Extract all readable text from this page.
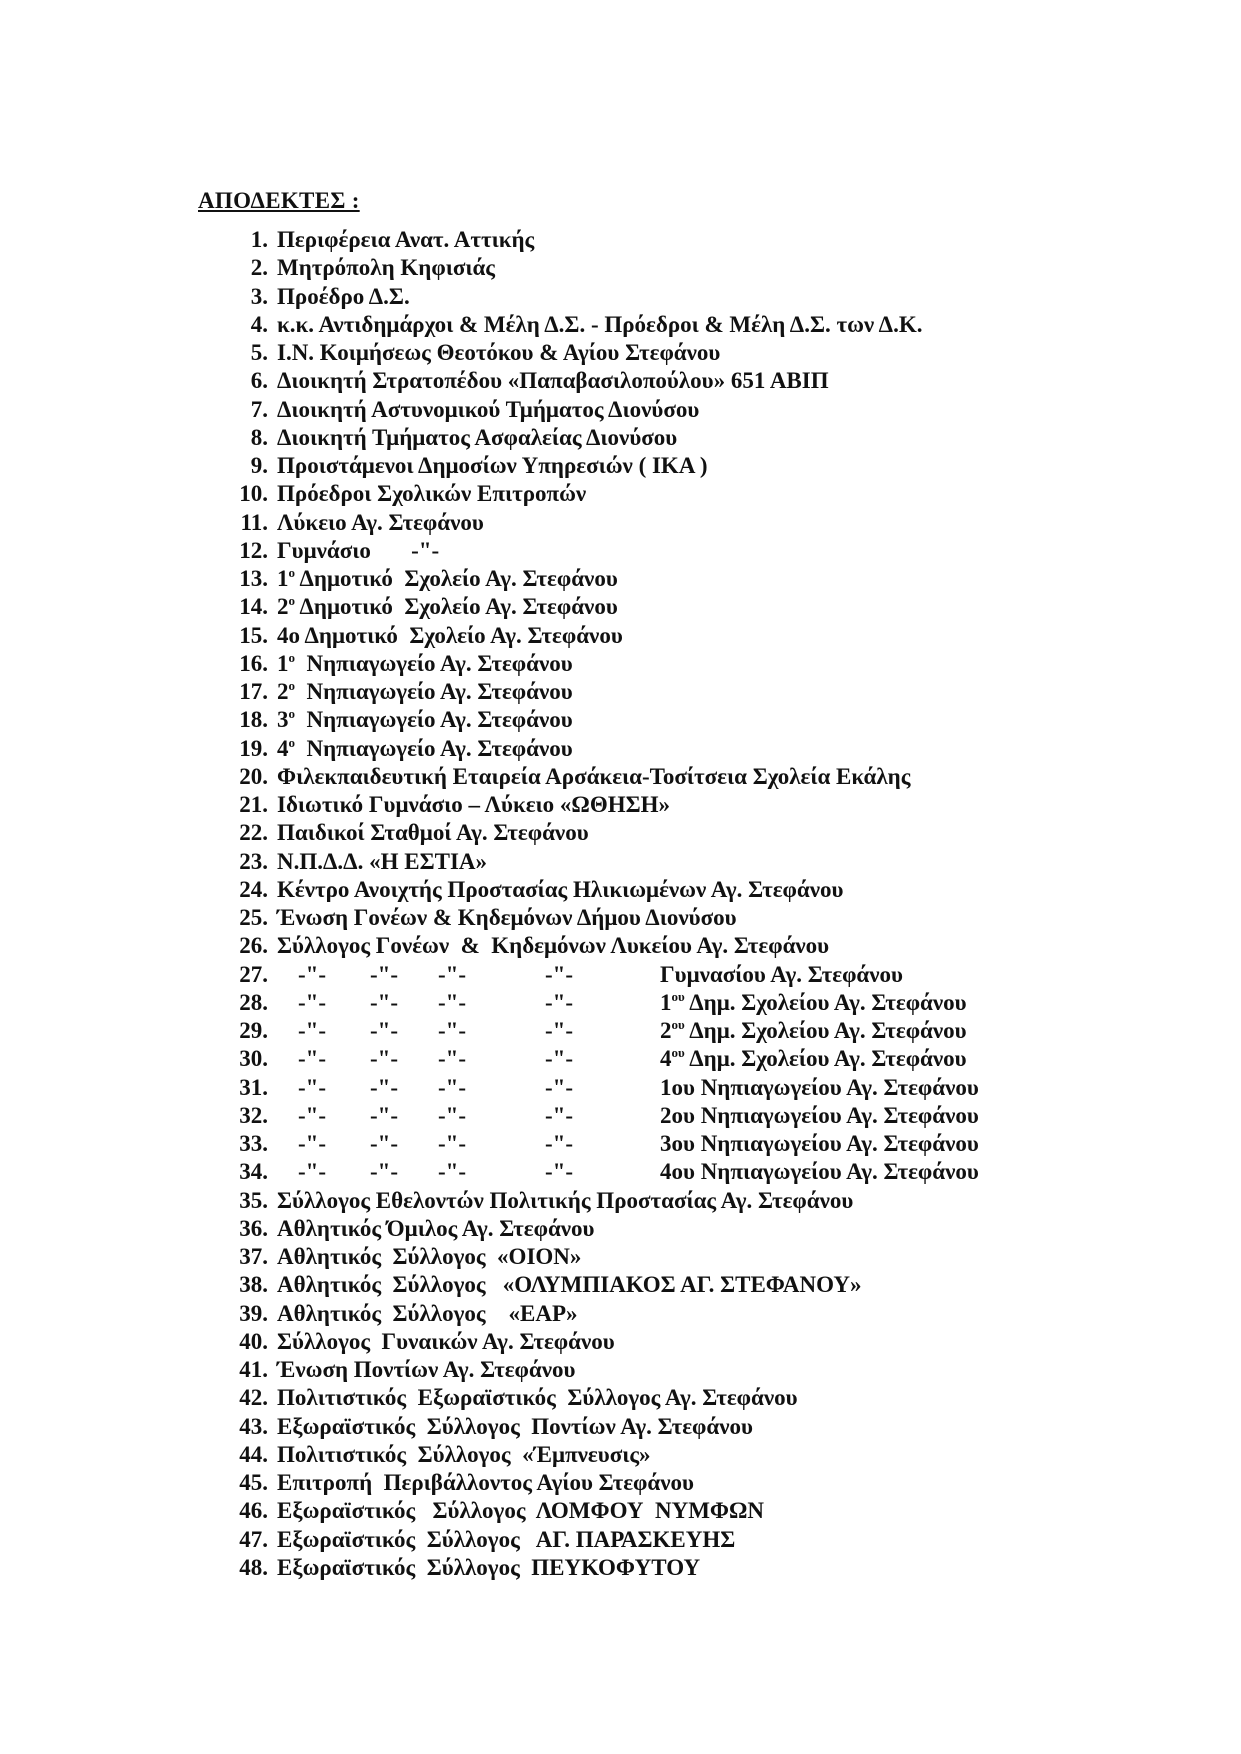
ΑΠΟΔΕΚΤΕΣ :
1. Περιφέρεια Ανατ. Αττικής
2. Μητρόπολη Κηφισιάς
3. Προέδρο Δ.Σ.
4. κ.κ. Αντιδημάρχοι & Μέλη Δ.Σ. - Πρόεδροι & Μέλη Δ.Σ. των Δ.Κ.
5. Ι.Ν. Κοιμήσεως Θεοτόκου & Αγίου Στεφάνου
6. Διοικητή Στρατοπέδου «Παπαβασιλοπούλου» 651 ΑΒΙΠ
7. Διοικητή Αστυνομικού Τμήματος Διονύσου
8. Διοικητή Τμήματος Ασφαλείας Διονύσου
9. Προιστάμενοι Δημοσίων Υπηρεσιών ( ΙΚΑ )
10. Πρόεδροι Σχολικών Επιτροπών
11. Λύκειο Αγ. Στεφάνου
12. Γυμνάσιο       -"-
13. $1^o$ Δημοτικό  Σχολείο Αγ. Στεφάνου
14. $2^o$ Δημοτικό  Σχολείο Αγ. Στεφάνου
15. 4ο Δημοτικό  Σχολείο Αγ. Στεφάνου
16. $1^o$  Νηπιαγωγείο Αγ. Στεφάνου
17. $2^o$  Νηπιαγωγείο Αγ. Στεφάνου
18. $3^o$  Νηπιαγωγείο Αγ. Στεφάνου
19. $4^o$  Νηπιαγωγείο Αγ. Στεφάνου
20. Φιλεκπαιδευτική Εταιρεία Αρσάκεια-Τοσίτσεια Σχολεία Εκάλης
21. Ιδιωτικό Γυμνάσιο – Λύκειο «ΩΘΗΣΗ»
22. Παιδικοί Σταθμοί Αγ. Στεφάνου
23. Ν.Π.Δ.Δ. «Η ΕΣΤΙΑ»
24. Κέντρο Ανοιχτής Προστασίας Ηλικιωμένων Αγ. Στεφάνου
25. Ένωση Γονέων & Κηδεμόνων Δήμου Διονύσου
26. Σύλλογος Γονέων  &  Κηδεμόνων Λυκείου Αγ. Στεφάνου
27. -"- -"- -"-	-"-	Γυμνασίου Αγ. Στεφάνου
28. -"- -"- -"-	-"-	$1^{o\upsilon}$ Δημ. Σχολείου Αγ. Στεφάνου
29. -"- -"- -"-	-"-	$2^{o\upsilon}$ Δημ. Σχολείου Αγ. Στεφάνου
30. -"- -"- -"-	-"-	$4^{o\upsilon}$ Δημ. Σχολείου Αγ. Στεφάνου
31. -"- -"- -"-	-"-	1ου Νηπιαγωγείου Αγ. Στεφάνου
32. -"- -"- -"-	-"-	2ου Νηπιαγωγείου Αγ. Στεφάνου
33. -"- -"- -"-	-"-	3ου Νηπιαγωγείου Αγ. Στεφάνου
34. -"- -"- -"-	-"-	4ου Νηπιαγωγείου Αγ. Στεφάνου
35. Σύλλογος Εθελοντών Πολιτικής Προστασίας Αγ. Στεφάνου
36. Αθλητικός Όμιλος Αγ. Στεφάνου
37. Αθλητικός  Σύλλογος  «ΟΙΟΝ»
38. Αθλητικός  Σύλλογος   «ΟΛΥΜΠΙΑΚΟΣ ΑΓ. ΣΤΕΦΑΝΟΥ»
39. Αθλητικός  Σύλλογος    «ΕΑΡ»
40. Σύλλογος  Γυναικών Αγ. Στεφάνου
41. Ένωση Ποντίων Αγ. Στεφάνου
42. Πολιτιστικός  Εξωραϊστικός  Σύλλογος Αγ. Στεφάνου
43. Εξωραϊστικός  Σύλλογος  Ποντίων Αγ. Στεφάνου
44. Πολιτιστικός  Σύλλογος  «Έμπνευσις»
45. Επιτροπή  Περιβάλλοντος Αγίου Στεφάνου
46. Εξωραϊστικός   Σύλλογος  ΛΟΜΦΟΥ  ΝΥΜΦΩΝ
47. Εξωραϊστικός  Σύλλογος   ΑΓ. ΠΑΡΑΣΚΕΥΗΣ
48. Εξωραϊστικός  Σύλλογος  ΠΕΥΚΟΦΥΤΟΥ
